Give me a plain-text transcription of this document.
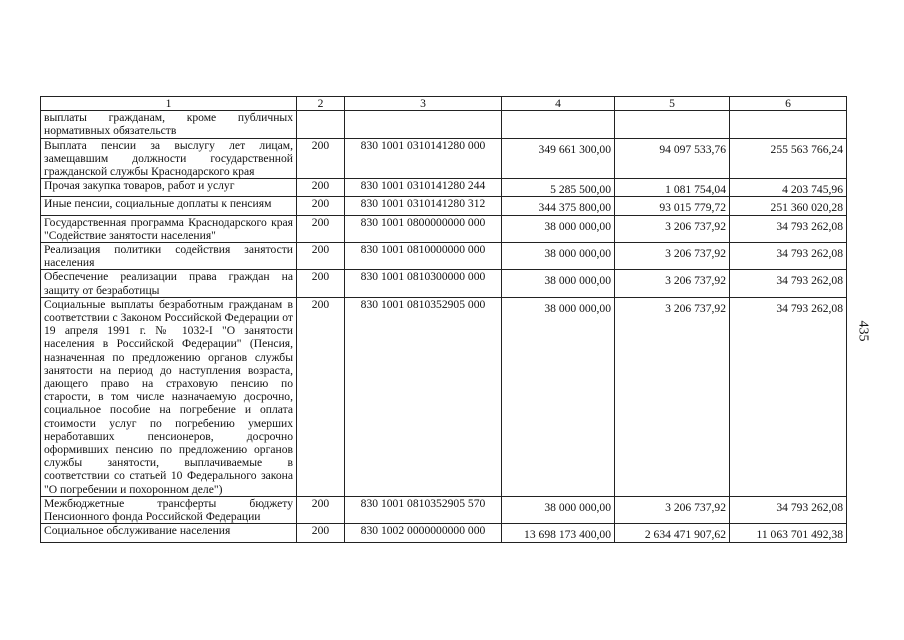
1	2	3	4	5	6
выплаты гражданам, кроме публичных нормативных обязательств					
Выплата пенсии за выслугу лет лицам, замещавшим должности государственной гражданской службы Краснодарского края	200	830 1001 0310141280 000	349 661 300,00	94 097 533,76	255 563 766,24
Прочая закупка товаров, работ и услуг	200	830 1001 0310141280 244	5 285 500,00	1 081 754,04	4 203 745,96
Иные пенсии, социальные доплаты к пенсиям	200	830 1001 0310141280 312	344 375 800,00	93 015 779,72	251 360 020,28
Государственная программа Краснодарского края "Содействие занятости населения"	200	830 1001 0800000000 000	38 000 000,00	3 206 737,92	34 793 262,08
Реализация политики содействия занятости населения	200	830 1001 0810000000 000	38 000 000,00	3 206 737,92	34 793 262,08
Обеспечение реализации права граждан на защиту от безработицы	200	830 1001 0810300000 000	38 000 000,00	3 206 737,92	34 793 262,08
Социальные выплаты безработным гражданам в соответствии с Законом Российской Федерации от 19 апреля 1991 г. № 1032-I "О занятости населения в Российской Федерации" (Пенсия, назначенная по предложению органов службы занятости на период до наступления возраста, дающего право на страховую пенсию по старости, в том числе назначаемую досрочно, социальное пособие на погребение и оплата стоимости услуг по погребению умерших неработавших пенсионеров, досрочно оформивших пенсию по предложению органов службы занятости, выплачиваемые в соответствии со статьей 10 Федерального закона "О погребении и похоронном деле")	200	830 1001 0810352905 000	38 000 000,00	3 206 737,92	34 793 262,08
Межбюджетные трансферты бюджету Пенсионного фонда Российской Федерации	200	830 1001 0810352905 570	38 000 000,00	3 206 737,92	34 793 262,08
Социальное обслуживание населения	200	830 1002 0000000000 000	13 698 173 400,00	2 634 471 907,62	11 063 701 492,38
435
